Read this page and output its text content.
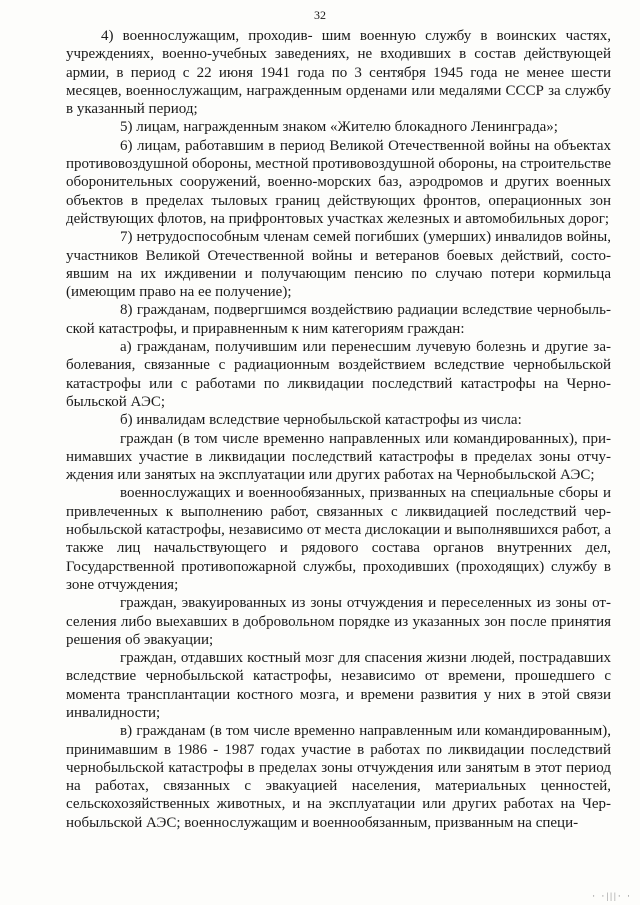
32

4) военнослужащим, проходив- шим военную службу в воинских частях, учреждениях, военно-учебных заведениях, не входивших в состав действующей армии, в период с 22 июня 1941 года по 3 сентября 1945 года не менее шести месяцев, военнослужащим, награжденным орденами или медалями СССР за службу в указанный период;

5) лицам, награжденным знаком «Жителю блокадного Ленинграда»;

6) лицам, работавшим в период Великой Отечественной войны на объектах противовоздушной обороны, местной противовоздушной обороны, на строительстве оборонительных сооружений, военно-морских баз, аэродромов и других военных объектов в пределах тыловых границ действующих фронтов, операционных зон действующих флотов, на прифронтовых участках железных и автомобильных дорог;

7) нетрудоспособным членам семей погибших (умерших) инвалидов войны, участников Великой Отечественной войны и ветеранов боевых действий, состоявшим на их иждивении и получающим пенсию по случаю потери кормильца (имеющим право на ее получение);

8) гражданам, подвергшимся воздействию радиации вследствие чернобыльской катастрофы, и приравненным к ним категориям граждан:

а) гражданам, получившим или перенесшим лучевую болезнь и другие заболевания, связанные с радиационным воздействием вследствие чернобыльской катастрофы или с работами по ликвидации последствий катастрофы на Чернобыльской АЭС;

б) инвалидам вследствие чернобыльской катастрофы из числа:

граждан (в том числе временно направленных или командированных), принимавших участие в ликвидации последствий катастрофы в пределах зоны отчуждения или занятых на эксплуатации или других работах на Чернобыльской АЭС;

военнослужащих и военнообязанных, призванных на специальные сборы и привлеченных к выполнению работ, связанных с ликвидацией последствий чернобыльской катастрофы, независимо от места дислокации и выполнявшихся работ, а также лиц начальствующего и рядового состава органов внутренних дел, Государственной противопожарной службы, проходивших (проходящих) службу в зоне отчуждения;

граждан, эвакуированных из зоны отчуждения и переселенных из зоны отселения либо выехавших в добровольном порядке из указанных зон после принятия решения об эвакуации;

граждан, отдавших костный мозг для спасения жизни людей, пострадавших вследствие чернобыльской катастрофы, независимо от времени, прошедшего с момента трансплантации костного мозга, и времени развития у них в этой связи инвалидности;

в) гражданам (в том числе временно направленным или командированным), принимавшим в 1986 - 1987 годах участие в работах по ликвидации последствий чернобыльской катастрофы в пределах зоны отчуждения или занятым в этот период на работах, связанных с эвакуацией населения, материальных ценностей, сельскохозяйственных животных, и на эксплуатации или других работах на Чернобыльской АЭС; военнослужащим и военнообязанным, призванным на специ-

· ·|||· ·
